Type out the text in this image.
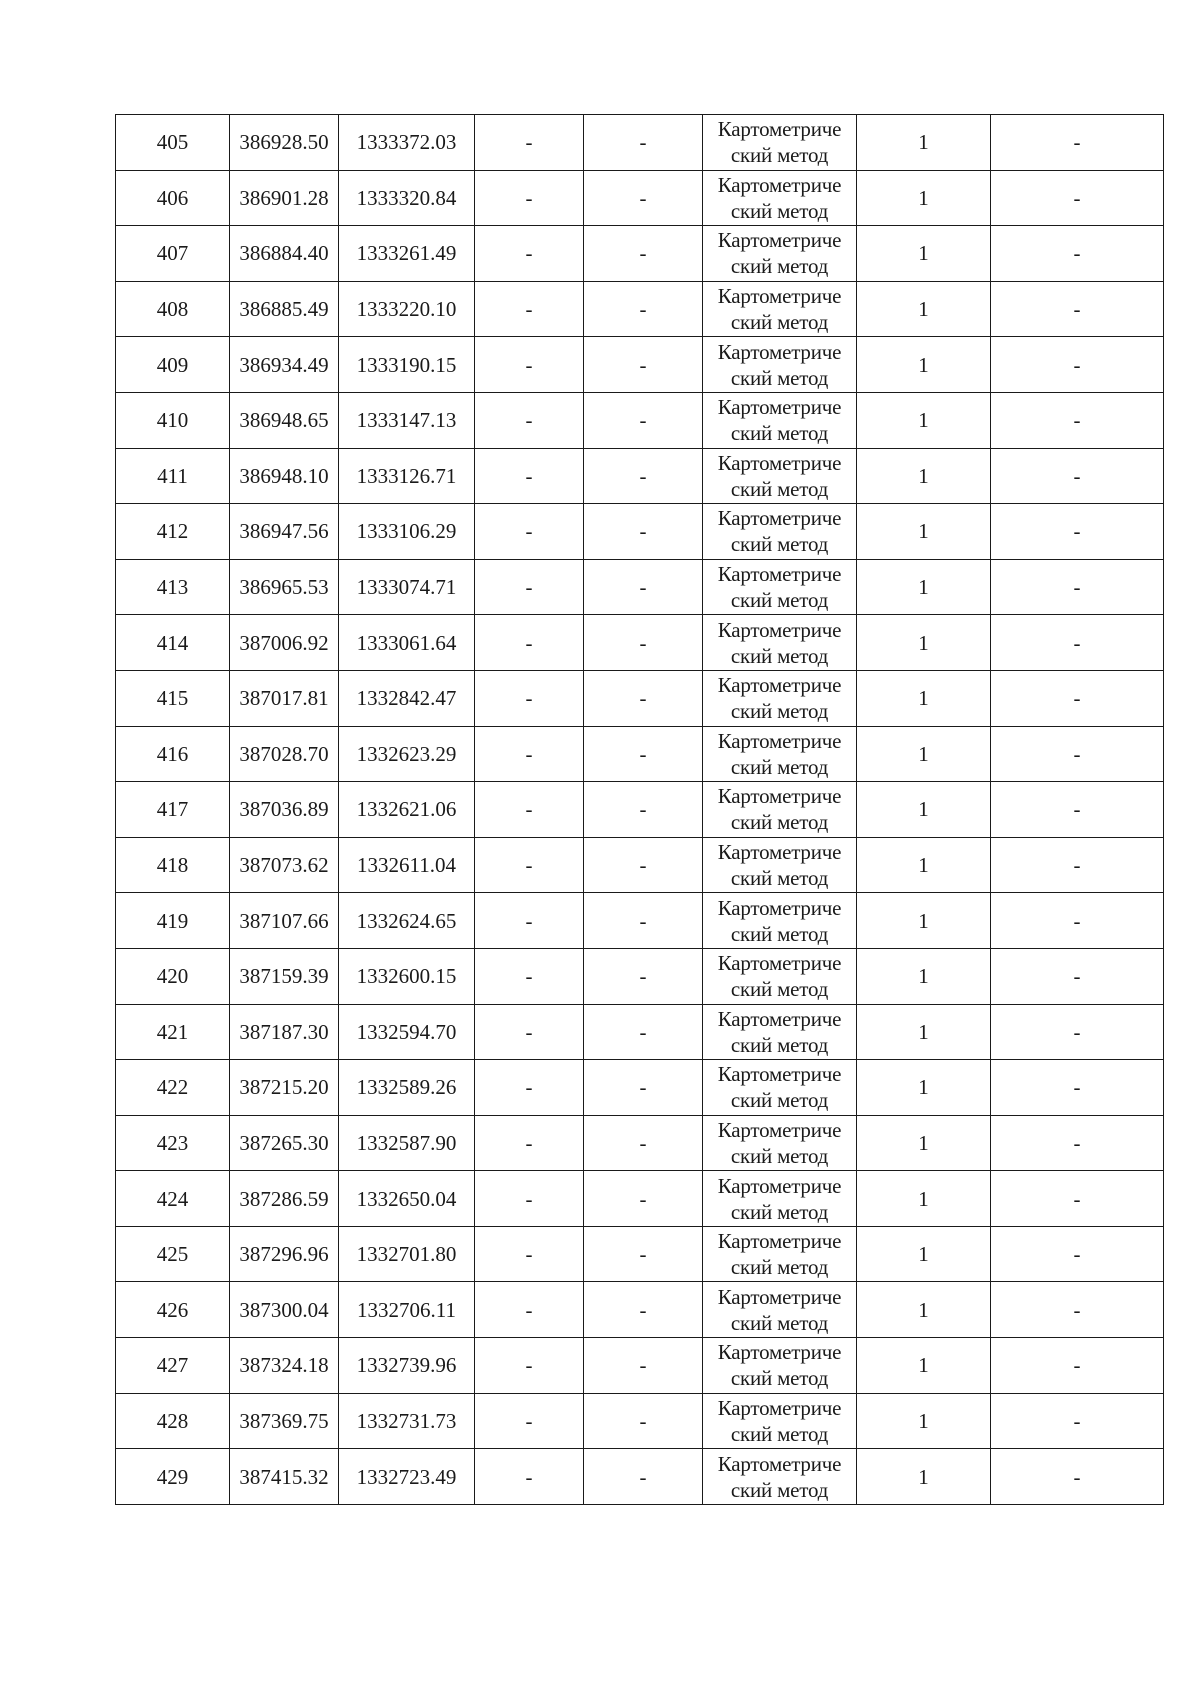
405	386928.50	1333372.03	-	-	Картометриче
ский метод	1	-
406	386901.28	1333320.84	-	-	Картометриче
ский метод	1	-
407	386884.40	1333261.49	-	-	Картометриче
ский метод	1	-
408	386885.49	1333220.10	-	-	Картометриче
ский метод	1	-
409	386934.49	1333190.15	-	-	Картометриче
ский метод	1	-
410	386948.65	1333147.13	-	-	Картометриче
ский метод	1	-
411	386948.10	1333126.71	-	-	Картометриче
ский метод	1	-
412	386947.56	1333106.29	-	-	Картометриче
ский метод	1	-
413	386965.53	1333074.71	-	-	Картометриче
ский метод	1	-
414	387006.92	1333061.64	-	-	Картометриче
ский метод	1	-
415	387017.81	1332842.47	-	-	Картометриче
ский метод	1	-
416	387028.70	1332623.29	-	-	Картометриче
ский метод	1	-
417	387036.89	1332621.06	-	-	Картометриче
ский метод	1	-
418	387073.62	1332611.04	-	-	Картометриче
ский метод	1	-
419	387107.66	1332624.65	-	-	Картометриче
ский метод	1	-
420	387159.39	1332600.15	-	-	Картометриче
ский метод	1	-
421	387187.30	1332594.70	-	-	Картометриче
ский метод	1	-
422	387215.20	1332589.26	-	-	Картометриче
ский метод	1	-
423	387265.30	1332587.90	-	-	Картометриче
ский метод	1	-
424	387286.59	1332650.04	-	-	Картометриче
ский метод	1	-
425	387296.96	1332701.80	-	-	Картометриче
ский метод	1	-
426	387300.04	1332706.11	-	-	Картометриче
ский метод	1	-
427	387324.18	1332739.96	-	-	Картометриче
ский метод	1	-
428	387369.75	1332731.73	-	-	Картометриче
ский метод	1	-
429	387415.32	1332723.49	-	-	Картометриче
ский метод	1	-
